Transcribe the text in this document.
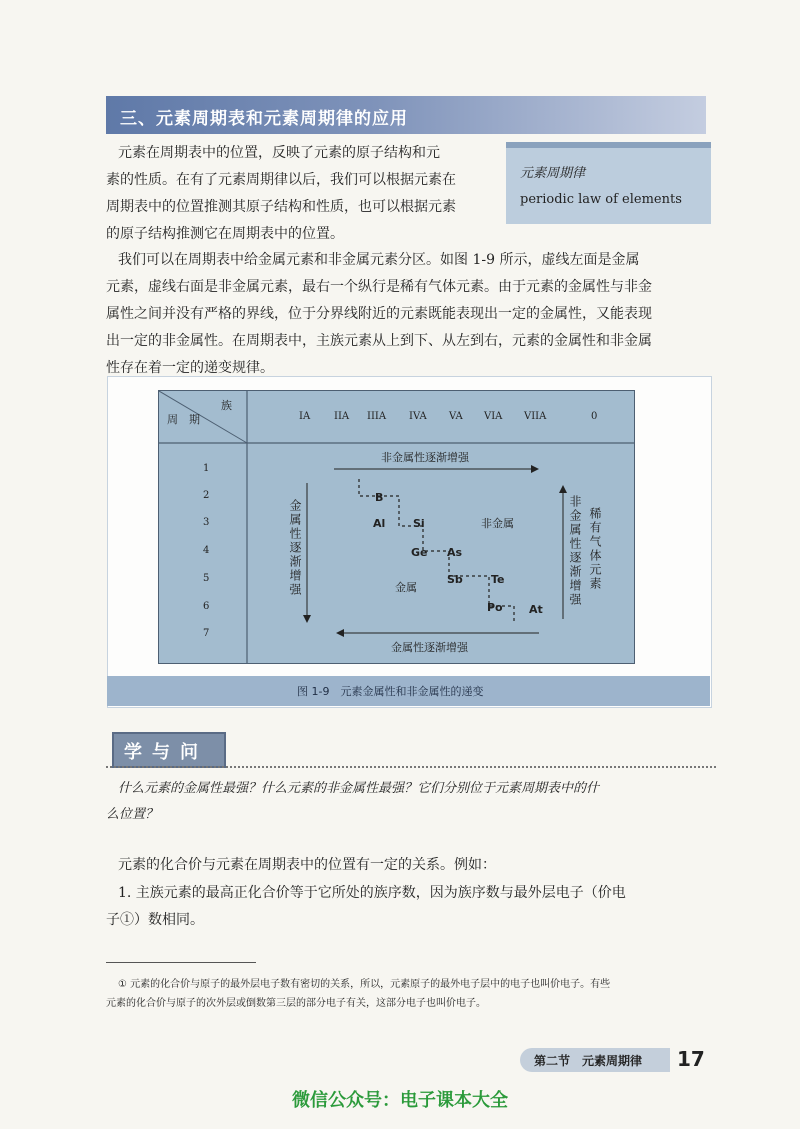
三、元素周期表和元素周期律的应用
元素在周期表中的位置，反映了元素的原子结构和元
素的性质。在有了元素周期律以后，我们可以根据元素在
周期表中的位置推测其原子结构和性质，也可以根据元素
的原子结构推测它在周期表中的位置。
元素周期律
periodic law of elements
我们可以在周期表中给金属元素和非金属元素分区。如图 1-9 所示，虚线左面是金属
元素，虚线右面是非金属元素，最右一个纵行是稀有气体元素。由于元素的金属性与非金
属性之间并没有严格的界线，位于分界线附近的元素既能表现出一定的金属性，又能表现
出一定的非金属性。在周期表中，主族元素从上到下、从左到右，元素的金属性和非金属
性存在着一定的递变规律。
族
周　期	IA IIA IIIA IVA VA VIA VIIA	0
1
2
3
4
5
6
7
非金属性逐渐增强
金属性逐渐增强
金属性逐渐增强	非金属性逐渐增强 稀有气体元素
金属
非金属
B
Al	Si
Ge As
Sb	Te
Po At
图 1-9　元素金属性和非金属性的递变
学与问
什么元素的金属性最强？什么元素的非金属性最强？它们分别位于元素周期表中的什
么位置？
元素的化合价与元素在周期表中的位置有一定的关系。例如：
1. 主族元素的最高正化合价等于它所处的族序数，因为族序数与最外层电子（价电
子①）数相同。
① 元素的化合价与原子的最外层电子数有密切的关系，所以，元素原子的最外电子层中的电子也叫价电子。有些
元素的化合价与原子的次外层或倒数第三层的部分电子有关，这部分电子也叫价电子。
第二节　元素周期律 17
微信公众号：电子课本大全
